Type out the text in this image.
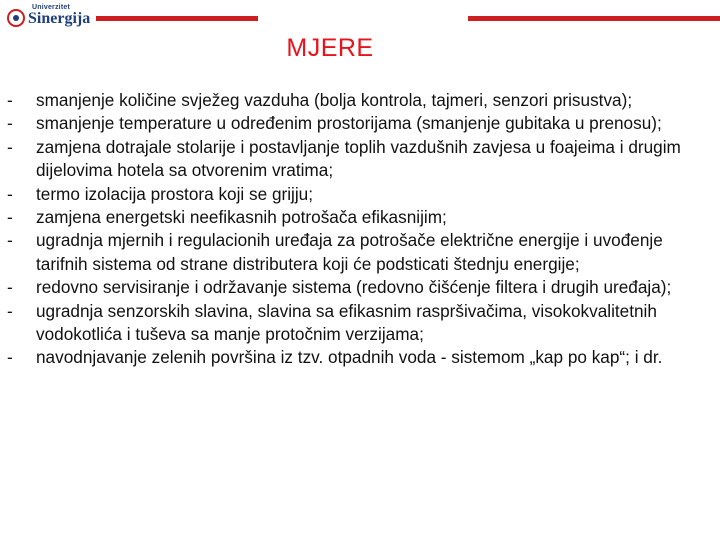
Univerzitet
Sinergija
MJERE
- smanjenje količine svježeg vazduha (bolja kontrola, tajmeri, senzori prisustva);
- smanjenje temperature u određenim prostorijama (smanjenje gubitaka u prenosu);
- zamjena dotrajale stolarije i postavljanje toplih vazdušnih zavjesa u foajeima i drugim dijelovima hotela sa otvorenim vratima;
- termo izolacija prostora koji se grijju;
- zamjena energetski neefikasnih potrošača efikasnijim;
- ugradnja mjernih i regulacionih uređaja za potrošače električne energije i uvođenje tarifnih sistema od strane distributera koji će podsticati štednju energije;
- redovno servisiranje i održavanje sistema (redovno čišćenje filtera i drugih uređaja);
- ugradnja senzorskih slavina, slavina sa efikasnim raspršivačima, visokokvalitetnih vodokotlića i tuševa sa manje protočnim verzijama;
- navodnjavanje zelenih površina iz tzv. otpadnih voda - sistemom „kap po kap“; i dr.
